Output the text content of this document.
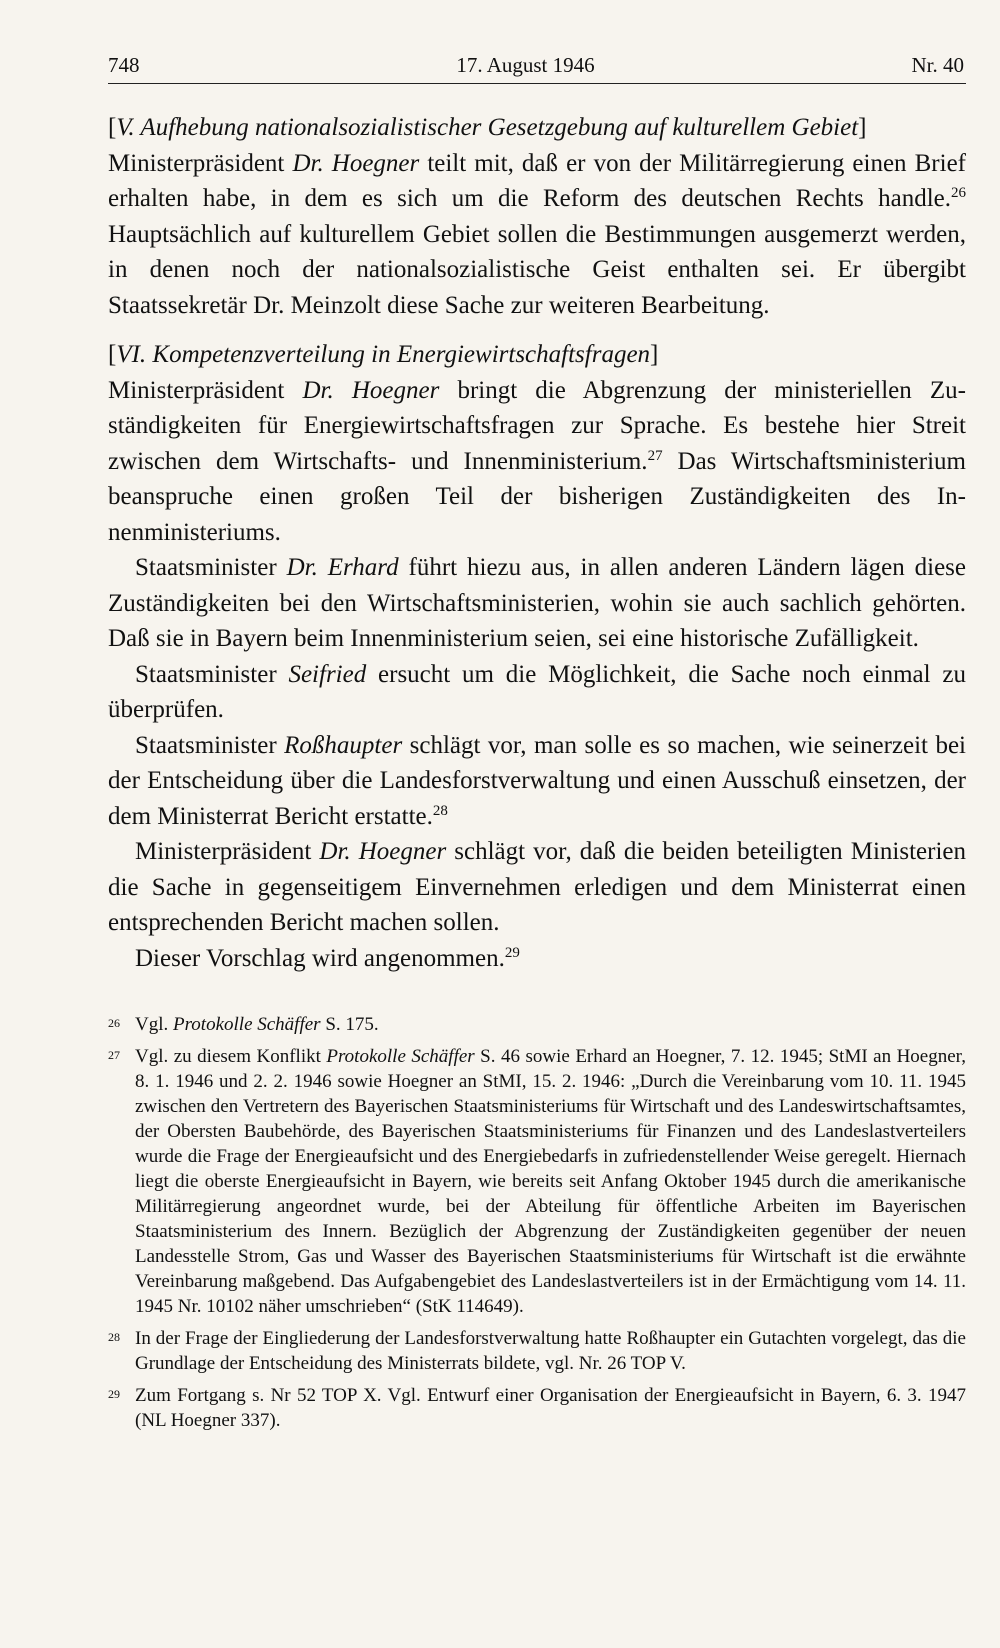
748	17. August 1946	Nr. 40

[V. Aufhebung nationalsozialistischer Gesetzgebung auf kulturellem Gebiet]

Ministerpräsident Dr. Hoegner teilt mit, daß er von der Militärregierung einen Brief erhalten habe, in dem es sich um die Reform des deutschen Rechts handle.$^{26}$ Hauptsächlich auf kulturellem Gebiet sollen die Bestimmungen ausgemerzt werden, in denen noch der nationalsozialistische Geist enthalten sei. Er übergibt Staatssekretär Dr. Meinzolt diese Sache zur weiteren Bearbeitung.

[VI. Kompetenzverteilung in Energiewirtschaftsfragen]

Ministerpräsident Dr. Hoegner bringt die Abgrenzung der ministeriellen Zuständigkeiten für Energiewirtschaftsfragen zur Sprache. Es bestehe hier Streit zwischen dem Wirtschafts- und Innenministerium.$^{27}$ Das Wirtschaftsministerium beanspruche einen großen Teil der bisherigen Zuständigkeiten des Innenministeriums.

Staatsminister Dr. Erhard führt hiezu aus, in allen anderen Ländern lägen diese Zuständigkeiten bei den Wirtschaftsministerien, wohin sie auch sachlich gehörten. Daß sie in Bayern beim Innenministerium seien, sei eine historische Zufälligkeit.

Staatsminister Seifried ersucht um die Möglichkeit, die Sache noch einmal zu überprüfen.

Staatsminister Roßhaupter schlägt vor, man solle es so machen, wie seinerzeit bei der Entscheidung über die Landesforstverwaltung und einen Ausschuß einsetzen, der dem Ministerrat Bericht erstatte.$^{28}$

Ministerpräsident Dr. Hoegner schlägt vor, daß die beiden beteiligten Ministerien die Sache in gegenseitigem Einvernehmen erledigen und dem Ministerrat einen entsprechenden Bericht machen sollen.

Dieser Vorschlag wird angenommen.$^{29}$

26 Vgl. Protokolle Schäffer S. 175.
27 Vgl. zu diesem Konflikt Protokolle Schäffer S. 46 sowie Erhard an Hoegner, 7. 12. 1945; StMI an Hoegner, 8. 1. 1946 und 2. 2. 1946 sowie Hoegner an StMI, 15. 2. 1946: „Durch die Vereinbarung vom 10. 11. 1945 zwischen den Vertretern des Bayerischen Staatsministeriums für Wirtschaft und des Landeswirtschaftsamtes, der Obersten Baubehörde, des Bayerischen Staatsministeriums für Finanzen und des Landeslastverteilers wurde die Frage der Energieaufsicht und des Energiebedarfs in zufriedenstellender Weise geregelt. Hiernach liegt die oberste Energieaufsicht in Bayern, wie bereits seit Anfang Oktober 1945 durch die amerikanische Militärregierung angeordnet wurde, bei der Abteilung für öffentliche Arbeiten im Bayerischen Staatsministerium des Innern. Bezüglich der Abgrenzung der Zuständigkeiten gegenüber der neuen Landesstelle Strom, Gas und Wasser des Bayerischen Staatsministeriums für Wirtschaft ist die erwähnte Vereinbarung maßgebend. Das Aufgabengebiet des Landeslastverteilers ist in der Ermächtigung vom 14. 11. 1945 Nr. 10102 näher umschrieben“ (StK 114649).
28 In der Frage der Eingliederung der Landesforstverwaltung hatte Roßhaupter ein Gutachten vorgelegt, das die Grundlage der Entscheidung des Ministerrats bildete, vgl. Nr. 26 TOP V.
29 Zum Fortgang s. Nr 52 TOP X. Vgl. Entwurf einer Organisation der Energieaufsicht in Bayern, 6. 3. 1947 (NL Hoegner 337).
